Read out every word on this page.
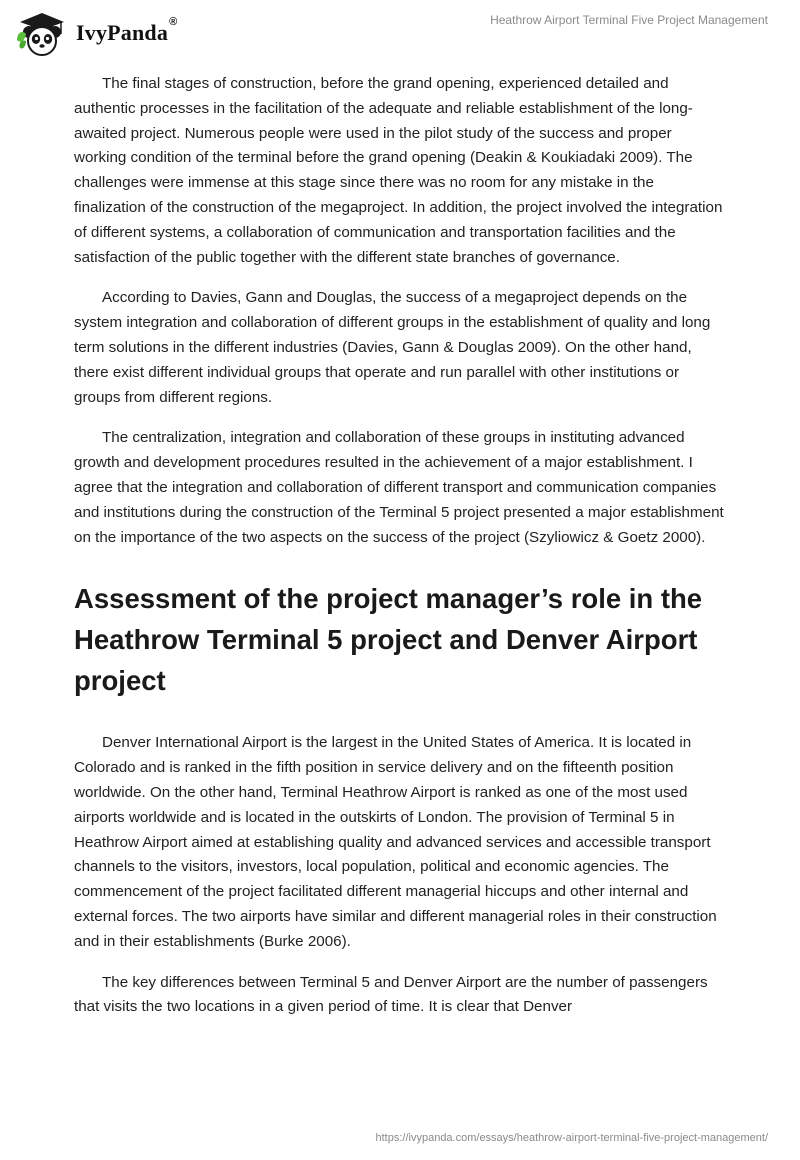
IvyPanda®	Heathrow Airport Terminal Five Project Management

The final stages of construction, before the grand opening, experienced detailed and authentic processes in the facilitation of the adequate and reliable establishment of the long-awaited project. Numerous people were used in the pilot study of the success and proper working condition of the terminal before the grand opening (Deakin & Koukiadaki 2009). The challenges were immense at this stage since there was no room for any mistake in the finalization of the construction of the megaproject. In addition, the project involved the integration of different systems, a collaboration of communication and transportation facilities and the satisfaction of the public together with the different state branches of governance.

According to Davies, Gann and Douglas, the success of a megaproject depends on the system integration and collaboration of different groups in the establishment of quality and long term solutions in the different industries (Davies, Gann & Douglas 2009). On the other hand, there exist different individual groups that operate and run parallel with other institutions or groups from different regions.

The centralization, integration and collaboration of these groups in instituting advanced growth and development procedures resulted in the achievement of a major establishment. I agree that the integration and collaboration of different transport and communication companies and institutions during the construction of the Terminal 5 project presented a major establishment on the importance of the two aspects on the success of the project (Szyliowicz & Goetz 2000).

Assessment of the project manager’s role in the Heathrow Terminal 5 project and Denver Airport project

Denver International Airport is the largest in the United States of America. It is located in Colorado and is ranked in the fifth position in service delivery and on the fifteenth position worldwide. On the other hand, Terminal Heathrow Airport is ranked as one of the most used airports worldwide and is located in the outskirts of London. The provision of Terminal 5 in Heathrow Airport aimed at establishing quality and advanced services and accessible transport channels to the visitors, investors, local population, political and economic agencies. The commencement of the project facilitated different managerial hiccups and other internal and external forces. The two airports have similar and different managerial roles in their construction and in their establishments (Burke 2006).

The key differences between Terminal 5 and Denver Airport are the number of passengers that visits the two locations in a given period of time. It is clear that Denver

https://ivypanda.com/essays/heathrow-airport-terminal-five-project-management/
